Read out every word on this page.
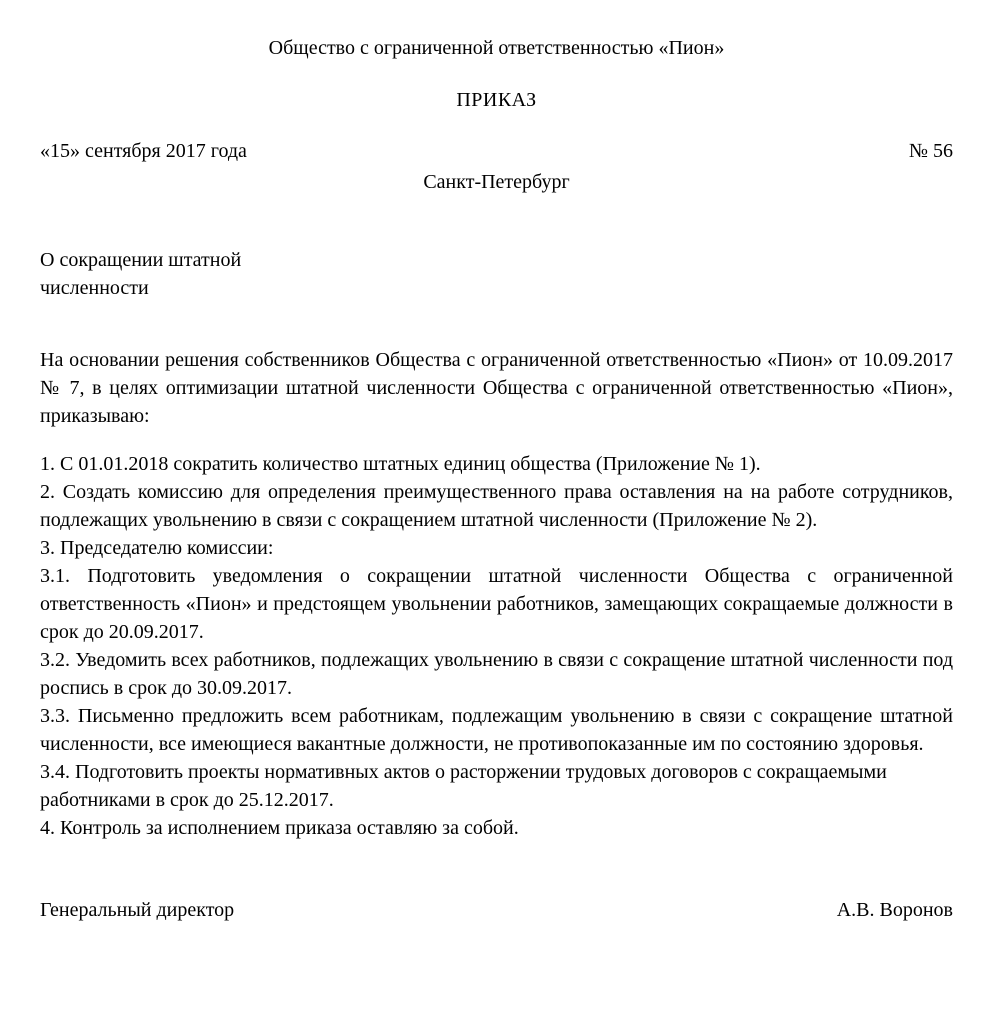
Общество с ограниченной ответственностью «Пион»
ПРИКАЗ
«15» сентября 2017 года	№ 56
Санкт-Петербург
О сокращении штатной численности

На основании решения собственников Общества с ограниченной ответственностью «Пион» от 10.09.2017 № 7, в целях оптимизации штатной численности Общества с ограниченной ответственностью «Пион», приказываю:

1. С 01.01.2018 сократить количество штатных единиц общества (Приложение № 1).

2. Создать комиссию для определения преимущественного права оставления на на работе сотрудников, подлежащих увольнению в связи с сокращением штатной численности (Приложение № 2).

3. Председателю комиссии:

3.1. Подготовить уведомления о сокращении штатной численности Общества с ограниченной ответственность «Пион» и предстоящем увольнении работников, замещающих сокращаемые должности в срок до 20.09.2017.

3.2. Уведомить всех работников, подлежащих увольнению в связи с сокращение штатной численности под роспись в срок до 30.09.2017.

3.3. Письменно предложить всем работникам, подлежащим увольнению в связи с сокращение штатной численности, все имеющиеся вакантные должности, не противопоказанные им по состоянию здоровья.

3.4. Подготовить проекты нормативных актов о расторжении трудовых договоров с сокращаемыми работниками в срок до 25.12.2017.

4. Контроль за исполнением приказа оставляю за собой.

Генеральный директор	А.В. Воронов
